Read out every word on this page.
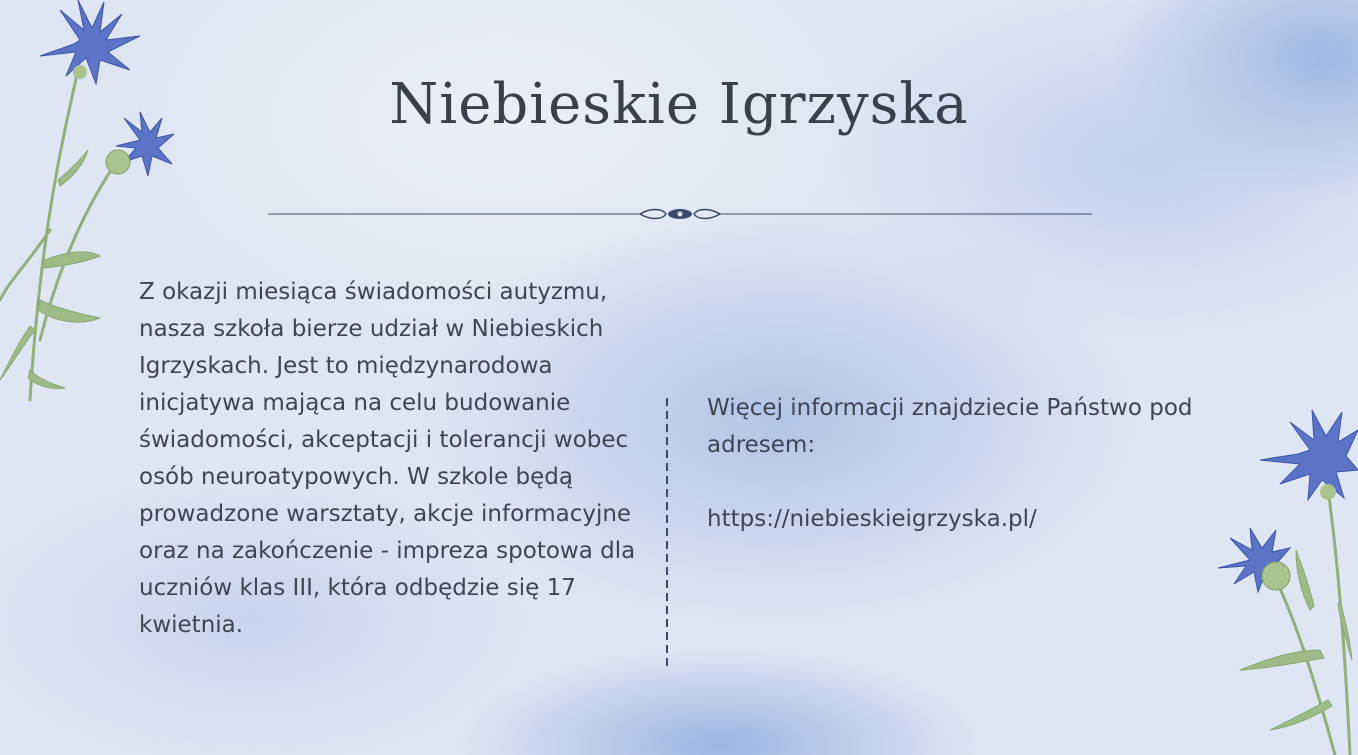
Niebieskie Igrzyska

Z okazji miesiąca świadomości autyzmu, nasza szkoła bierze udział w Niebieskich Igrzyskach. Jest to międzynarodowa inicjatywa mająca na celu budowanie świadomości, akceptacji i tolerancji wobec osób neuroatypowych. W szkole będą prowadzone warsztaty, akcje informacyjne oraz na zakończenie - impreza spotowa dla uczniów klas III, która odbędzie się 17 kwietnia.

Więcej informacji znajdziecie Państwo pod adresem:

https://niebieskieigrzyska.pl/
